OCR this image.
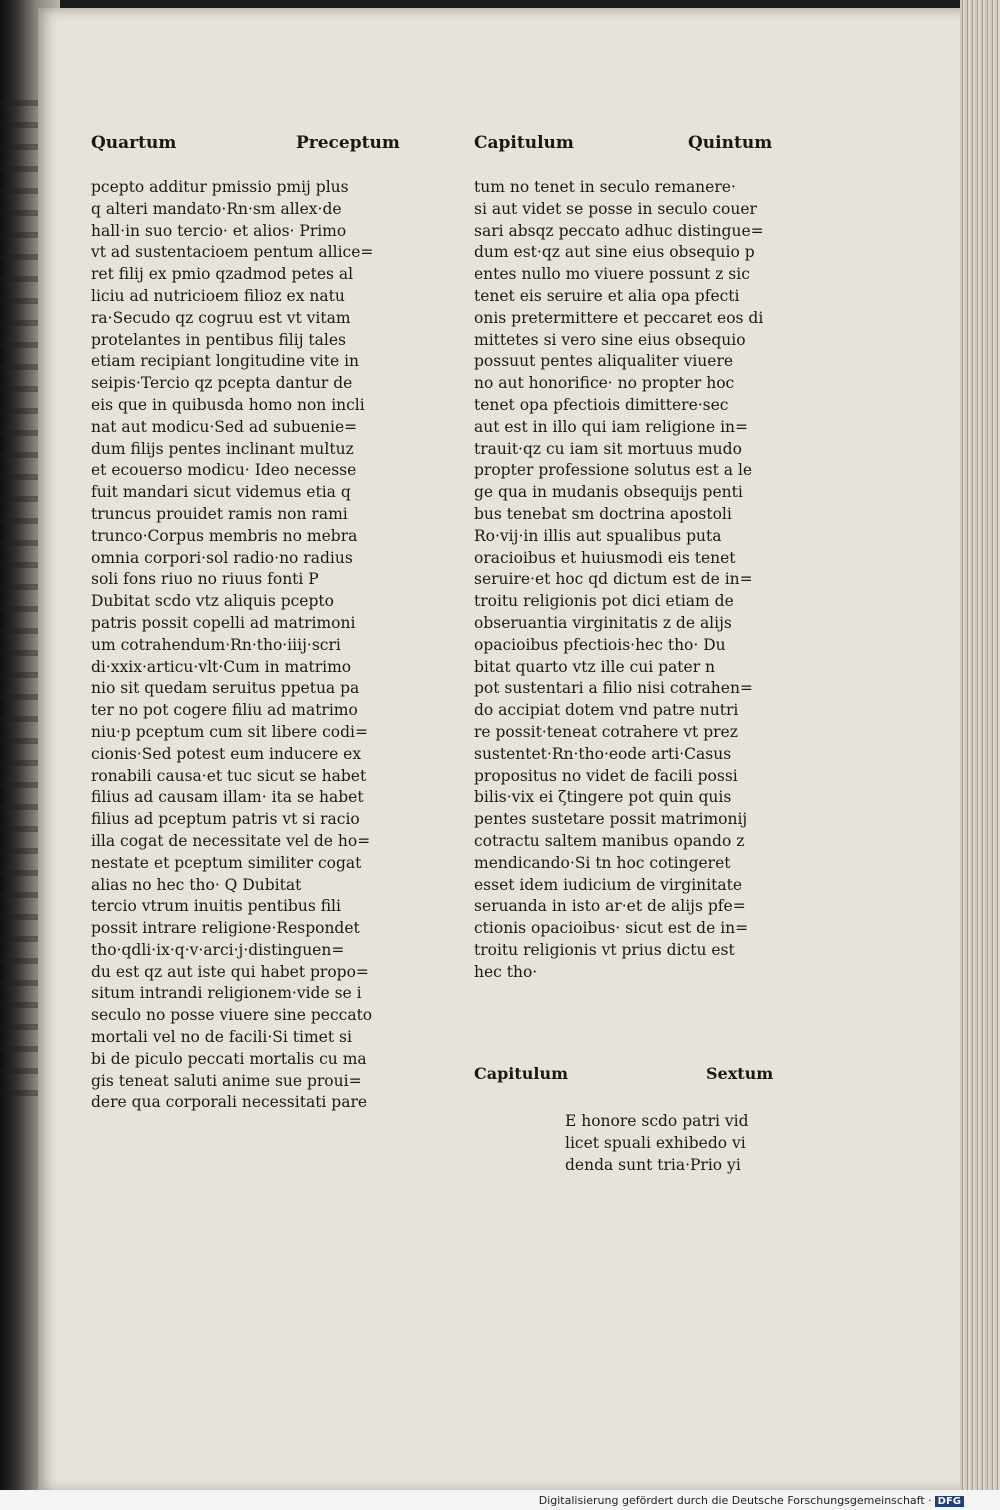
Quartum	Preceptum	Capitulum	Quintum
pcepto additur pmissio pmij plus
q alteri mandato·Rn·sm allex·de
hall·in suo tercio· et alios· Primo
vt ad sustentacioem pentum allice=
ret filij ex pmio qzadmod petes al
liciu ad nutricioem filioz ex natu
ra·Secudo qz cogruu est vt vitam
protelantes in pentibus filij tales
etiam recipiant longitudine vite in
seipis·Tercio qz pcepta dantur de
eis que in quibusda homo non incli
nat aut modicu·Sed ad subuenie=
dum filijs pentes inclinant multuz
et ecouerso modicu· Ideo necesse
fuit mandari sicut videmus etia q
truncus prouidet ramis non rami
trunco·Corpus membris no mebra
omnia corpori·sol radio·no radius
soli fons riuo no riuus fonti P
Dubitat scdo vtz aliquis pcepto
patris possit copelli ad matrimoni
um cotrahendum·Rn·tho·iiij·scri
di·xxix·articu·vlt·Cum in matrimo
nio sit quedam seruitus ppetua pa
ter no pot cogere filiu ad matrimo
niu·p pceptum cum sit libere codi=
cionis·Sed potest eum inducere ex
ronabili causa·et tuc sicut se habet
filius ad causam illam· ita se habet
filius ad pceptum patris vt si racio
illa cogat de necessitate vel de ho=
nestate et pceptum similiter cogat
alias no hec tho· Q Dubitat
tercio vtrum inuitis pentibus fili
possit intrare religione·Respondet
tho·qdli·ix·q·v·arci·j·distinguen=
du est qz aut iste qui habet propo=
situm intrandi religionem·vide se i
seculo no posse viuere sine peccato
mortali vel no de facili·Si timet si
bi de piculo peccati mortalis cu ma
gis teneat saluti anime sue proui=
dere qua corporali necessitati pare
tum no tenet in seculo remanere·
si aut videt se posse in seculo couer
sari absqz peccato adhuc distingue=
dum est·qz aut sine eius obsequio p
entes nullo mo viuere possunt z sic
tenet eis seruire et alia opa pfecti
onis pretermittere et peccaret eos di
mittetes si vero sine eius obsequio
possuut pentes aliqualiter viuere
no aut honorifice· no propter hoc
tenet opa pfectiois dimittere·sec
aut est in illo qui iam religione in=
trauit·qz cu iam sit mortuus mudo
propter professione solutus est a le
ge qua in mudanis obsequijs penti
bus tenebat sm doctrina apostoli
Ro·vij·in illis aut spualibus puta
oracioibus et huiusmodi eis tenet
seruire·et hoc qd dictum est de in=
troitu religionis pot dici etiam de
obseruantia virginitatis z de alijs
opacioibus pfectiois·hec tho· Du
bitat quarto vtz ille cui pater n
pot sustentari a filio nisi cotrahen=
do accipiat dotem vnd patre nutri
re possit·teneat cotrahere vt prez
sustentet·Rn·tho·eode arti·Casus
propositus no videt de facili possi
bilis·vix ei ζtingere pot quin quis
pentes sustetare possit matrimonij
cotractu saltem manibus opando z
mendicando·Si tn hoc cotingeret
esset idem iudicium de virginitate
seruanda in isto ar·et de alijs pfe=
ctionis opacioibus· sicut est de in=
troitu religionis vt prius dictu est
hec tho·
Capitulum	Sextum
E honore scdo patri vid
licet spuali exhibedo vi
denda sunt tria·Prio yi
Digitalisierung gefördert durch die Deutsche Forschungsgemeinschaft · DFG
